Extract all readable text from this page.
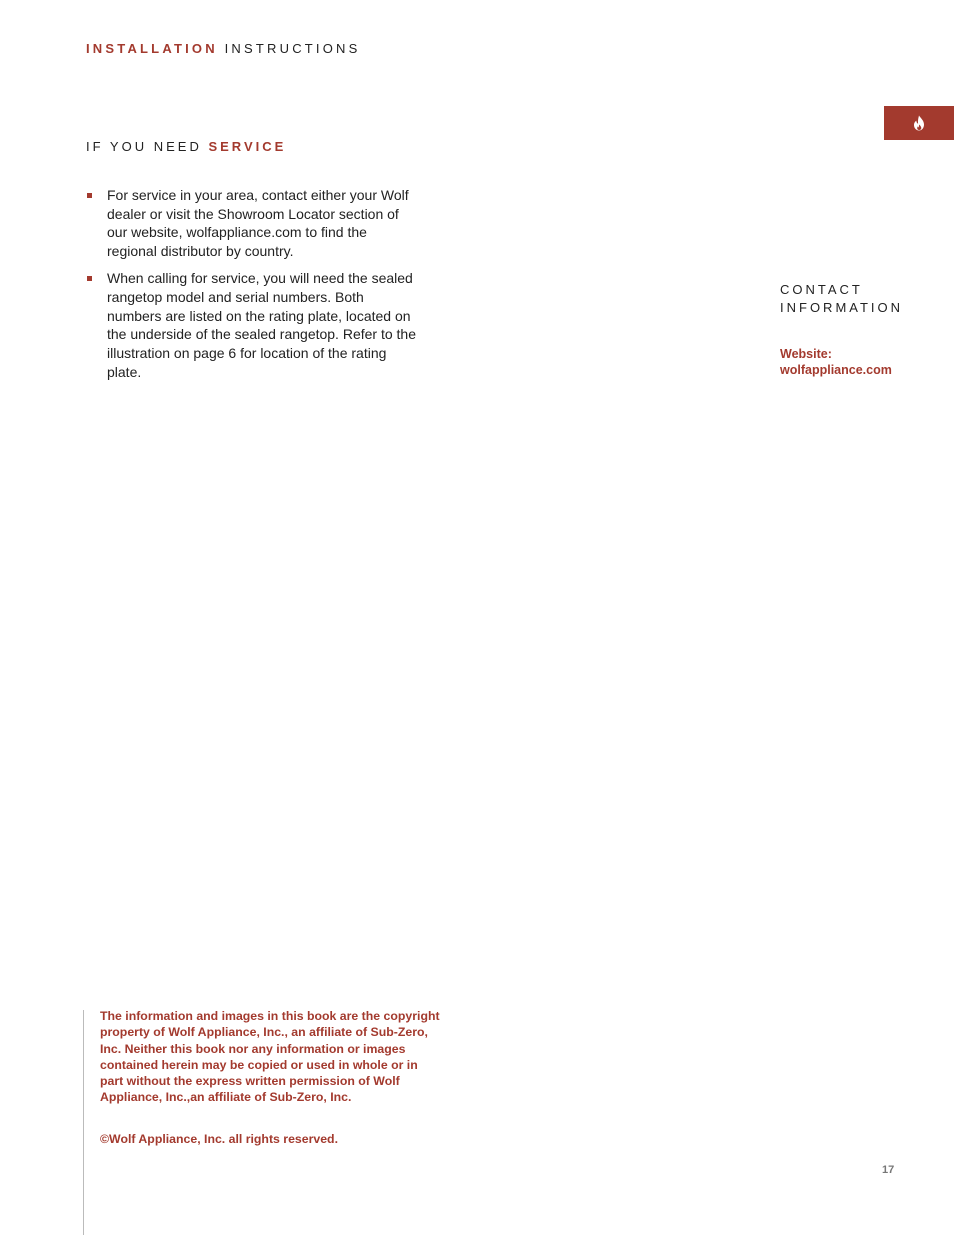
INSTALLATION INSTRUCTIONS
IF YOU NEED SERVICE
For service in your area, contact either your Wolf dealer or visit the Showroom Locator section of our website, wolfappliance.com to find the regional distributor by country.
When calling for service, you will need the sealed rangetop model and serial numbers. Both numbers are listed on the rating plate, located on the underside of the sealed rangetop. Refer to the illustration on page 6 for location of the rating plate.
CONTACT
INFORMATION
Website:
wolfappliance.com
The information and images in this book are the copyright property of Wolf Appliance, Inc., an affiliate of Sub-Zero, Inc. Neither this book nor any information or images contained herein may be copied or used in whole or in part without the express written permission of Wolf Appliance, Inc.,an affiliate of Sub-Zero, Inc.
©Wolf Appliance, Inc. all rights reserved.
17
